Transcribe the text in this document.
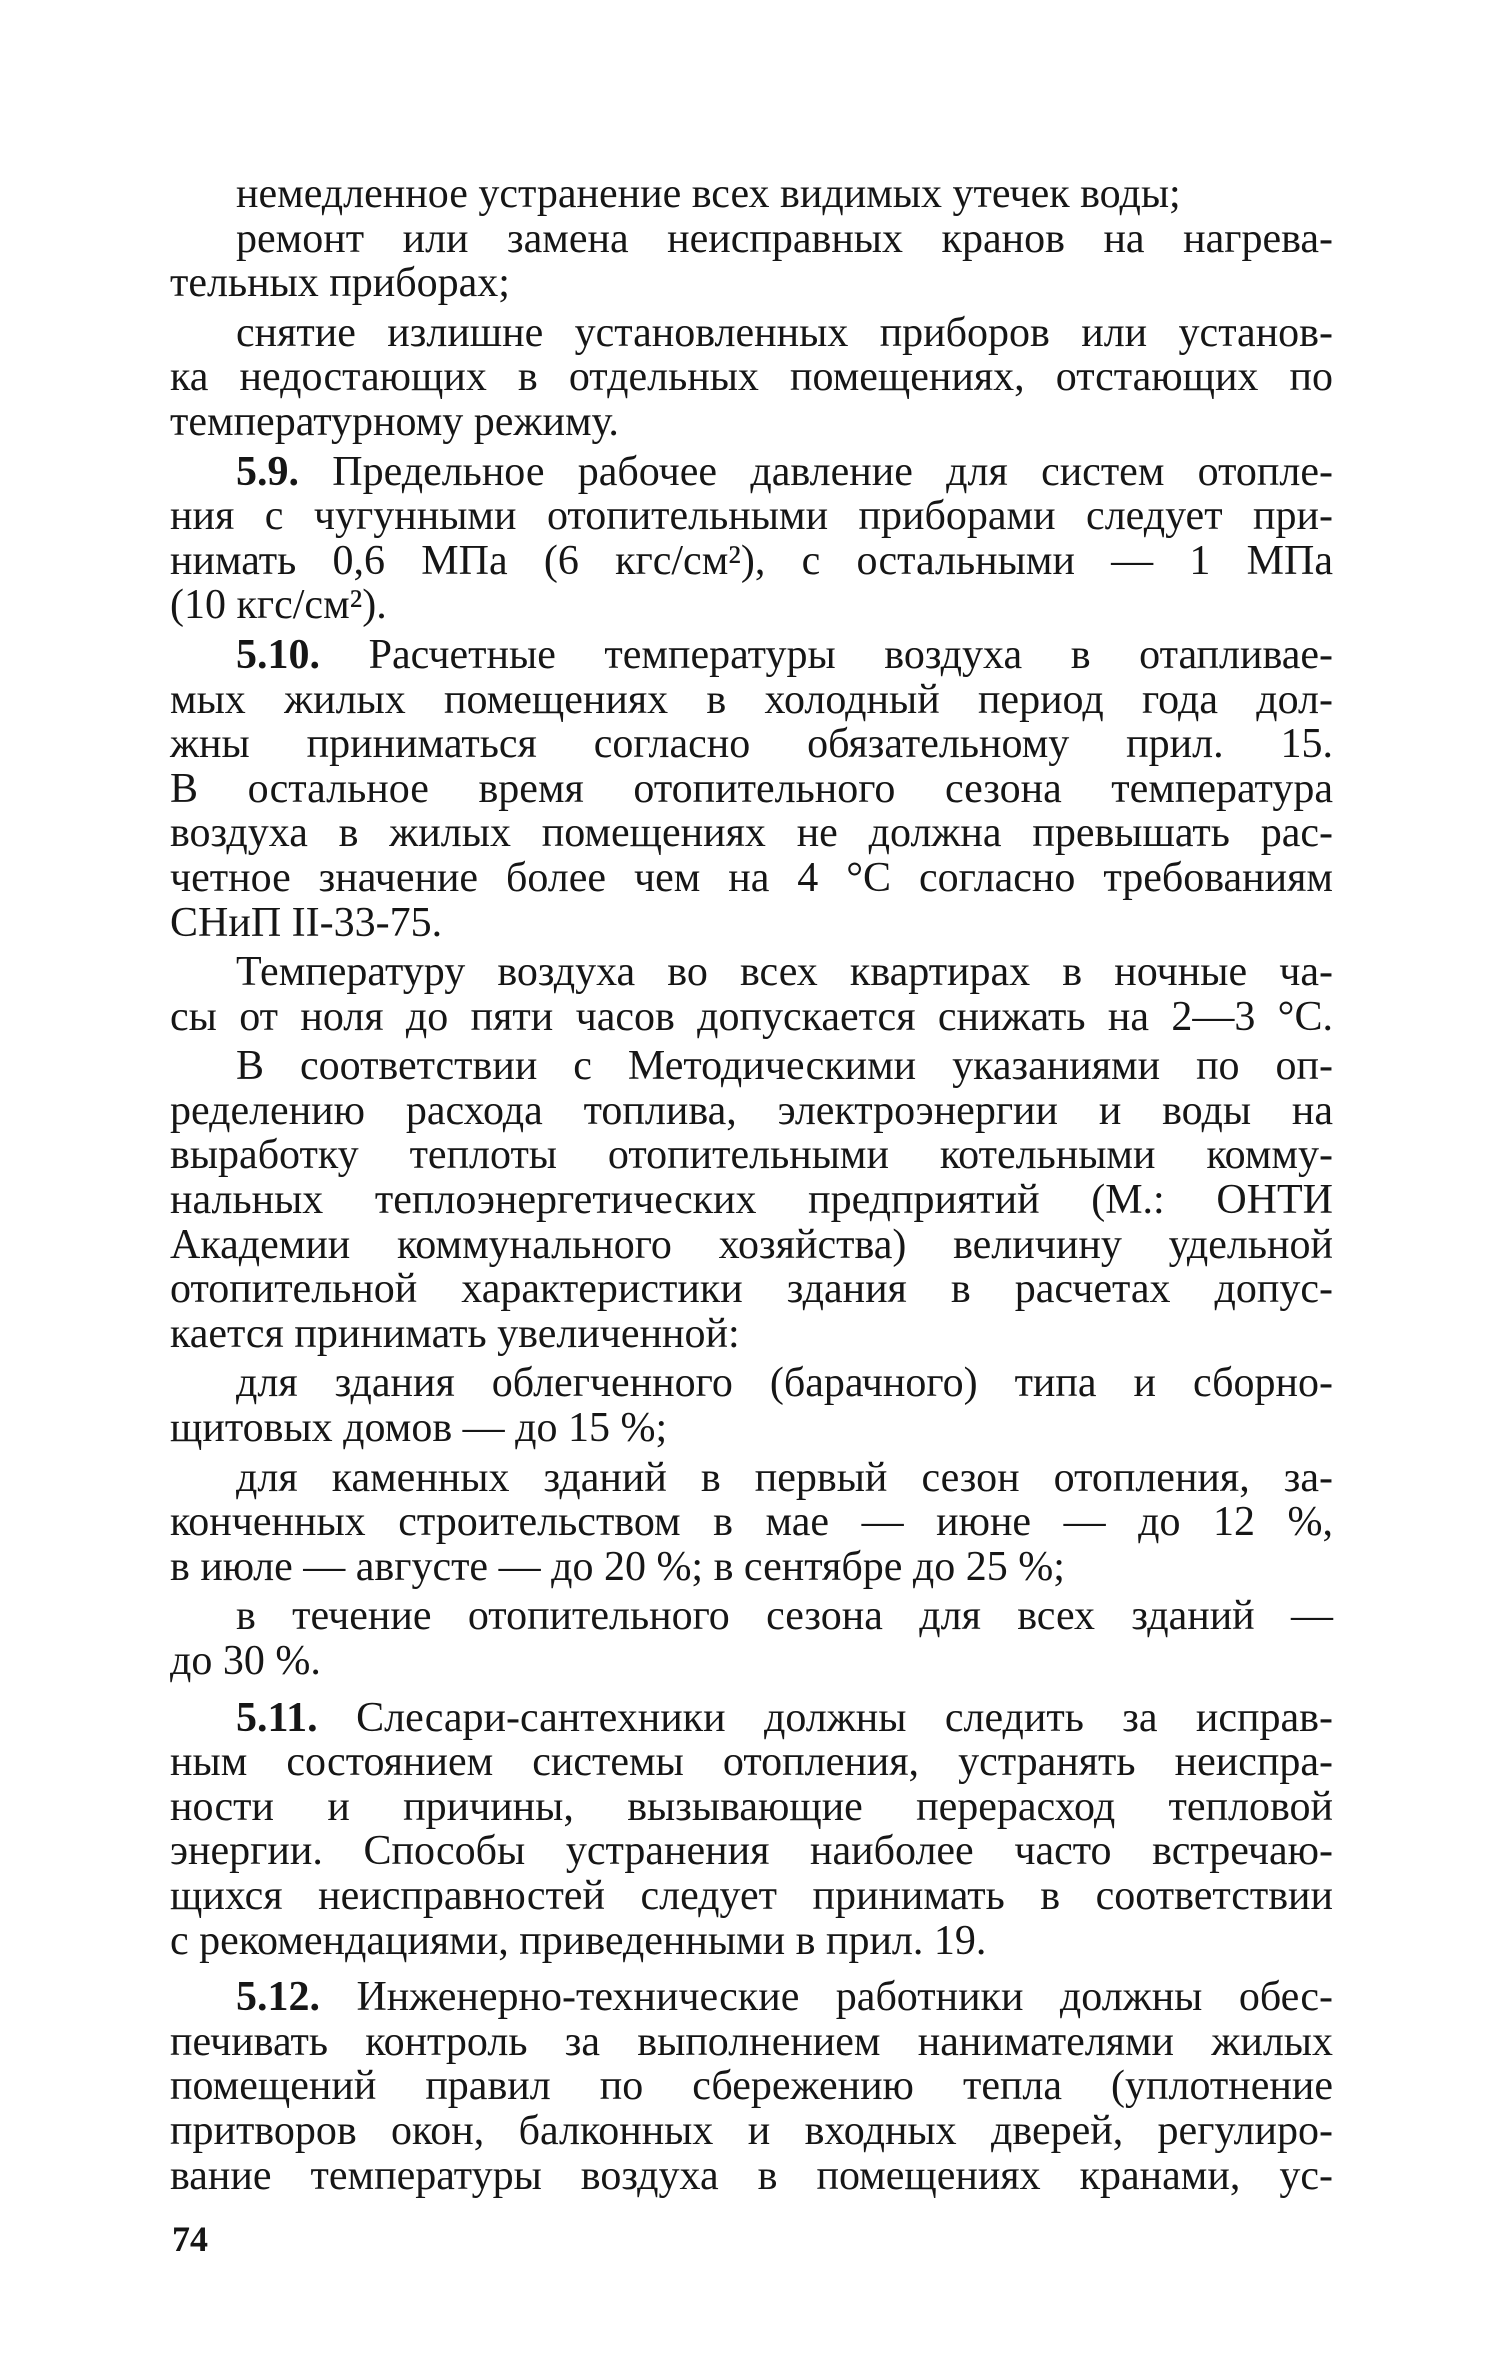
немедленное устранение всех видимых утечек воды;
ремонт или замена неисправных кранов на нагрева-
тельных приборах;
снятие излишне установленных приборов или установ-
ка недостающих в отдельных помещениях, отстающих по
температурному режиму.
5.9. Предельное рабочее давление для систем отопле-
ния с чугунными отопительными приборами следует при-
нимать 0,6 МПа (6 кгс/см²), с остальными — 1 МПа
(10 кгс/см²).
5.10. Расчетные температуры воздуха в отапливае-
мых жилых помещениях в холодный период года дол-
жны приниматься согласно обязательному прил. 15.
В остальное время отопительного сезона температура
воздуха в жилых помещениях не должна превышать рас-
четное значение более чем на 4 °С согласно требованиям
СНиП II-33-75.
Температуру воздуха во всех квартирах в ночные ча-
сы от ноля до пяти часов допускается снижать на 2—3 °С.
В соответствии с Методическими указаниями по оп-
ределению расхода топлива, электроэнергии и воды на
выработку теплоты отопительными котельными комму-
нальных теплоэнергетических предприятий (М.: ОНТИ
Академии коммунального хозяйства) величину удельной
отопительной характеристики здания в расчетах допус-
кается принимать увеличенной:
для здания облегченного (барачного) типа и сборно-
щитовых домов — до 15 %;
для каменных зданий в первый сезон отопления, за-
конченных строительством в мае — июне — до 12 %,
в июле — августе — до 20 %; в сентябре до 25 %;
в течение отопительного сезона для всех зданий —
до 30 %.
5.11. Слесари-сантехники должны следить за исправ-
ным состоянием системы отопления, устранять неиспра-
ности и причины, вызывающие перерасход тепловой
энергии. Способы устранения наиболее часто встречаю-
щихся неисправностей следует принимать в соответствии
с рекомендациями, приведенными в прил. 19.
5.12. Инженерно-технические работники должны обес-
печивать контроль за выполнением нанимателями жилых
помещений правил по сбережению тепла (уплотнение
притворов окон, балконных и входных дверей, регулиро-
вание температуры воздуха в помещениях кранами, ус-
74
